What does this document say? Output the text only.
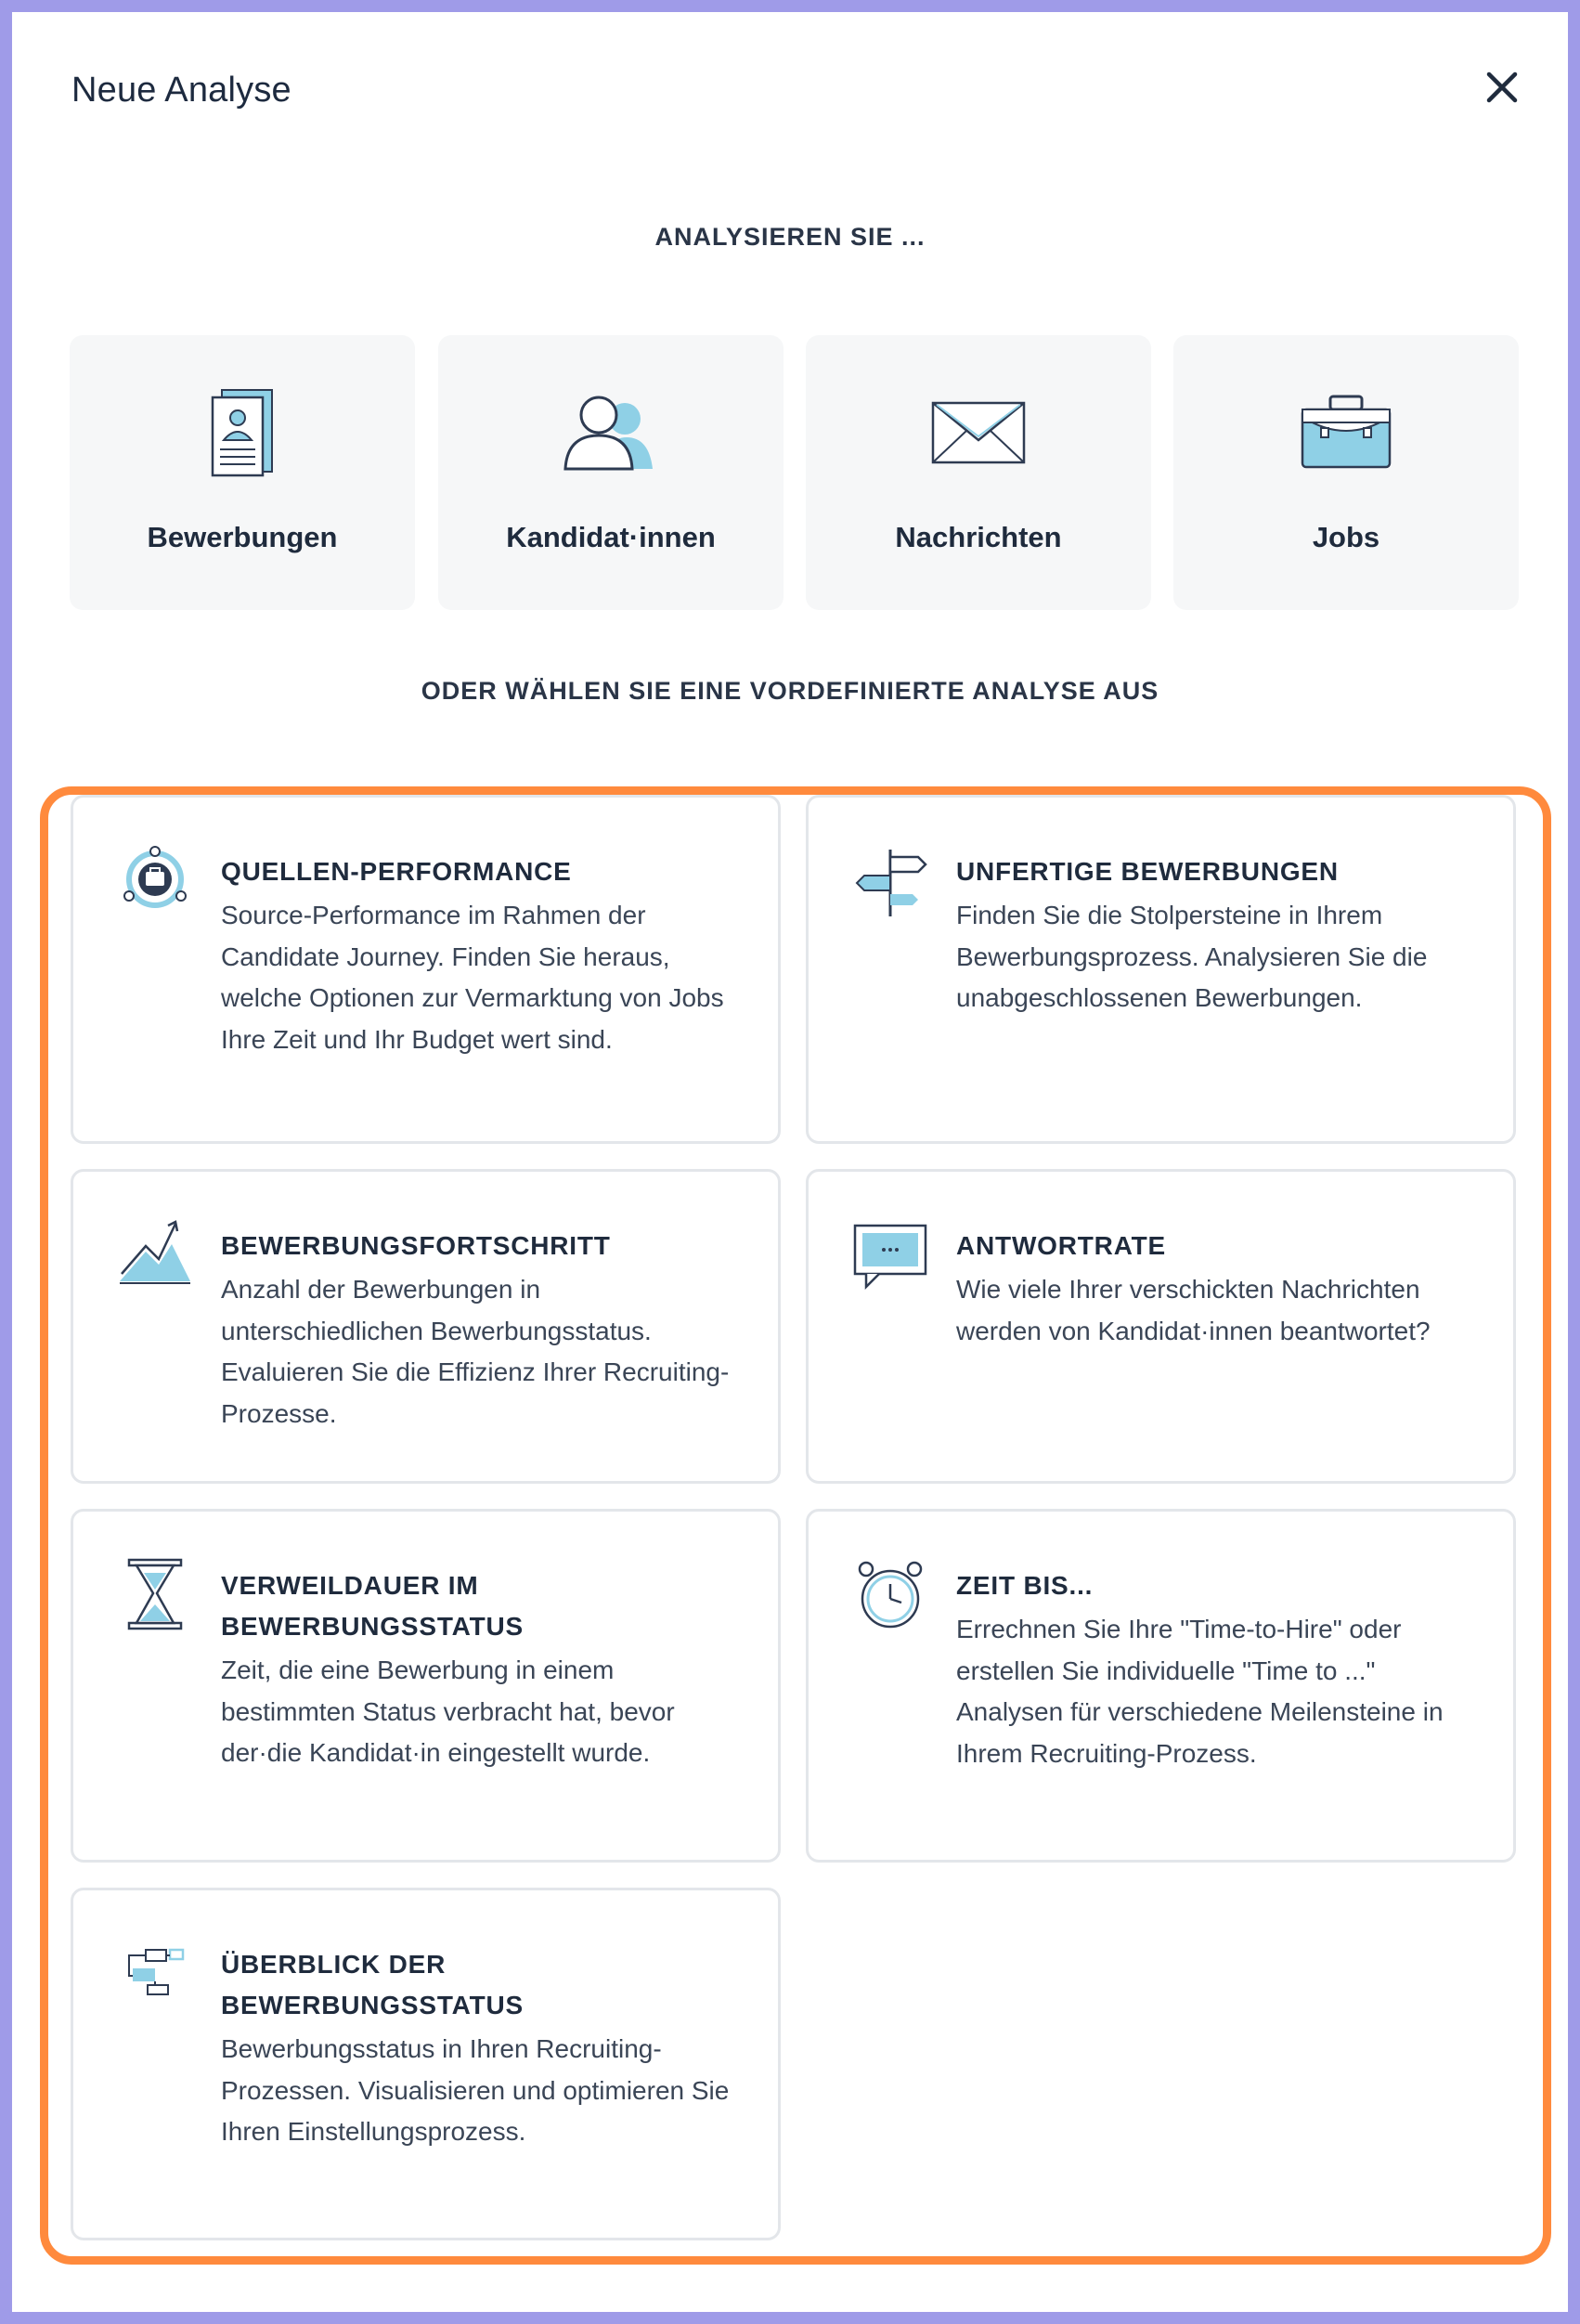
Neue Analyse
ANALYSIEREN SIE ...
Bewerbungen	Kandidat·innen	Nachrichten	Jobs
ODER WÄHLEN SIE EINE VORDEFINIERTE ANALYSE AUS
QUELLEN-PERFORMANCE
Source-Performance im Rahmen der Candidate Journey. Finden Sie heraus, welche Optionen zur Vermarktung von Jobs Ihre Zeit und Ihr Budget wert sind.
UNFERTIGE BEWERBUNGEN
Finden Sie die Stolpersteine in Ihrem Bewerbungsprozess. Analysieren Sie die unabgeschlossenen Bewerbungen.
BEWERBUNGSFORTSCHRITT
Anzahl der Bewerbungen in unterschiedlichen Bewerbungsstatus. Evaluieren Sie die Effizienz Ihrer Recruiting-Prozesse.
ANTWORTRATE
Wie viele Ihrer verschickten Nachrichten werden von Kandidat·innen beantwortet?
VERWEILDAUER IM BEWERBUNGSSTATUS
Zeit, die eine Bewerbung in einem bestimmten Status verbracht hat, bevor der·die Kandidat·in eingestellt wurde.
ZEIT BIS...
Errechnen Sie Ihre "Time-to-Hire" oder erstellen Sie individuelle "Time to ..." Analysen für verschiedene Meilensteine in Ihrem Recruiting-Prozess.
ÜBERBLICK DER BEWERBUNGSSTATUS
Bewerbungsstatus in Ihren Recruiting-Prozessen. Visualisieren und optimieren Sie Ihren Einstellungsprozess.
